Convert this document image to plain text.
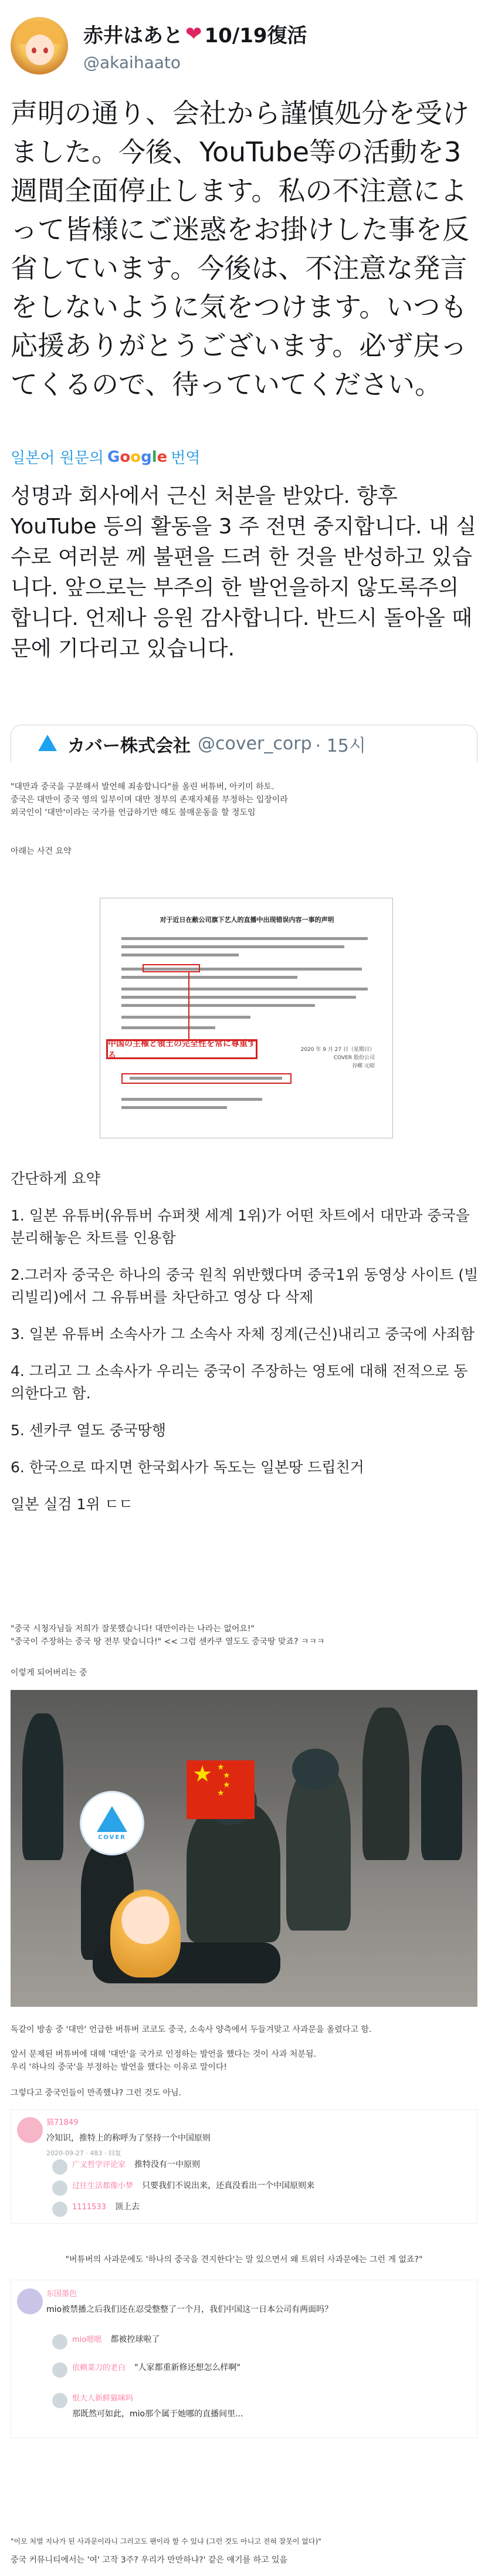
赤井はあと ❤ 10/19復活
@akaihaato
声明の通り、会社から謹慎処分を受けました。今後、YouTube等の活動を3週間全面停止します。私の不注意によって皆様にご迷惑をお掛けした事を反省しています。今後は、不注意な発言をしないように気をつけます。いつも応援ありがとうございます。必ず戻ってくるので、待っていてください。
일본어 원문의 Google 번역
성명과 회사에서 근신 처분을 받았다. 향후 YouTube 등의 활동을 3 주 전면 중지합니다. 내 실수로 여러분 께 불편을 드려 한 것을 반성하고 있습니다. 앞으로는 부주의 한 발언을하지 않도록주의합니다. 언제나 응원 감사합니다. 반드시 돌아올 때문에 기다리고 있습니다.
カバー株式会社 @cover_corp · 15시
"대만과 중국을 구분해서 발언해 죄송합니다"를 올린 버튜버, 아키미 하토.
중국은 대만이 중국 영의 일부이며 대만 정부의 존재자체를 부정하는 입장이라
외국인이 '대만'이라는 국가를 언급하기만 해도 불매운동을 할 정도임
아래는 사건 요약
对于近日在敝公司旗下艺人的直播中出现错误内容一事的声明
中国の主権と領土の完全性を常に尊重する
2020 年 9 月 27 日（星期日）
COVER 股份公司
谷鄉 元昭

간단하게 요약

1. 일본 유튜버(유튜버 슈퍼챗 세계 1위)가 어떤 차트에서 대만과 중국을 분리해놓은 차트를 인용함

2.그러자 중국은 하나의 중국 원칙 위반했다며 중국1위 동영상 사이트 (빌리빌리)에서 그 유튜버를 차단하고 영상 다 삭제

3. 일본 유튜버 소속사가 그 소속사 자체 징계(근신)내리고 중국에 사죄함

4. 그리고 그 소속사가 우리는 중국이 주장하는 영토에 대해 전적으로 동의한다고 함.

5. 센카쿠 열도 중국땅행

6. 한국으로 따지면 한국회사가 독도는 일본땅 드립친거

일본 실검 1위 ㄷㄷ

"중국 시청자님들 저희가 잘못했습니다! 대만이라는 나라는 없어요!"
"중국이 주장하는 중국 땅 전부 맞습니다!" << 그럼 센카쿠 열도도 중국땅 맞죠? ㅋㅋㅋ
이렇게 되어버리는 중
★ ★
★
★
★
COVER
독같이 방송 중 '대만' 언급한 버튜버 코코도 중국, 소속사 양측에서 두들겨맞고 사과문을 올렸다고 함.
앞서 문제된 버튜버에 대해 '대만'을 국가로 인정하는 발언을 했다는 것이 사과 처분됨.
우리 '하나의 중국'을 부정하는 발언을 했다는 이유로 말이다!
그렇다고 중국인들이 만족했냐? 그런 것도 아님.
猫71849
冷知识，推特上的称呼为了坚持一个中国原则
2020-09-27 · 483 · 回复
广义哲学评论家 推特没有一中原则
过往生活都像小梦 只要我们不说出来，还真没看出一个中国原则来
1111533 顶上去
"버튜버의 사과문에도 '하나의 중국을 견지한다'는 말 있으면서 왜 트위터 사과문에는 그런 게 없죠?"
东国墨色
mio被禁播之后我们还在忍受整整了一个月，我们中国这一日本公司有两面吗？
mio嗯嗯 都被控球啦了
依赖菜刀的老白 "人家都重新修还想怎么样啊"
恨大人新鲜猫咪吗
那既然可如此，mio那个属于她哪的直播间里...
"이모 처벌 지나가 된 사과문이라니 그러고도 팬이라 할 수 있냐 (그런 것도 아니고 전혀 잘못이 없다)"
중국 커뮤니티에서는 '여' 고작 3주? 우리가 만만하냐?' 같은 얘기를 하고 있음
